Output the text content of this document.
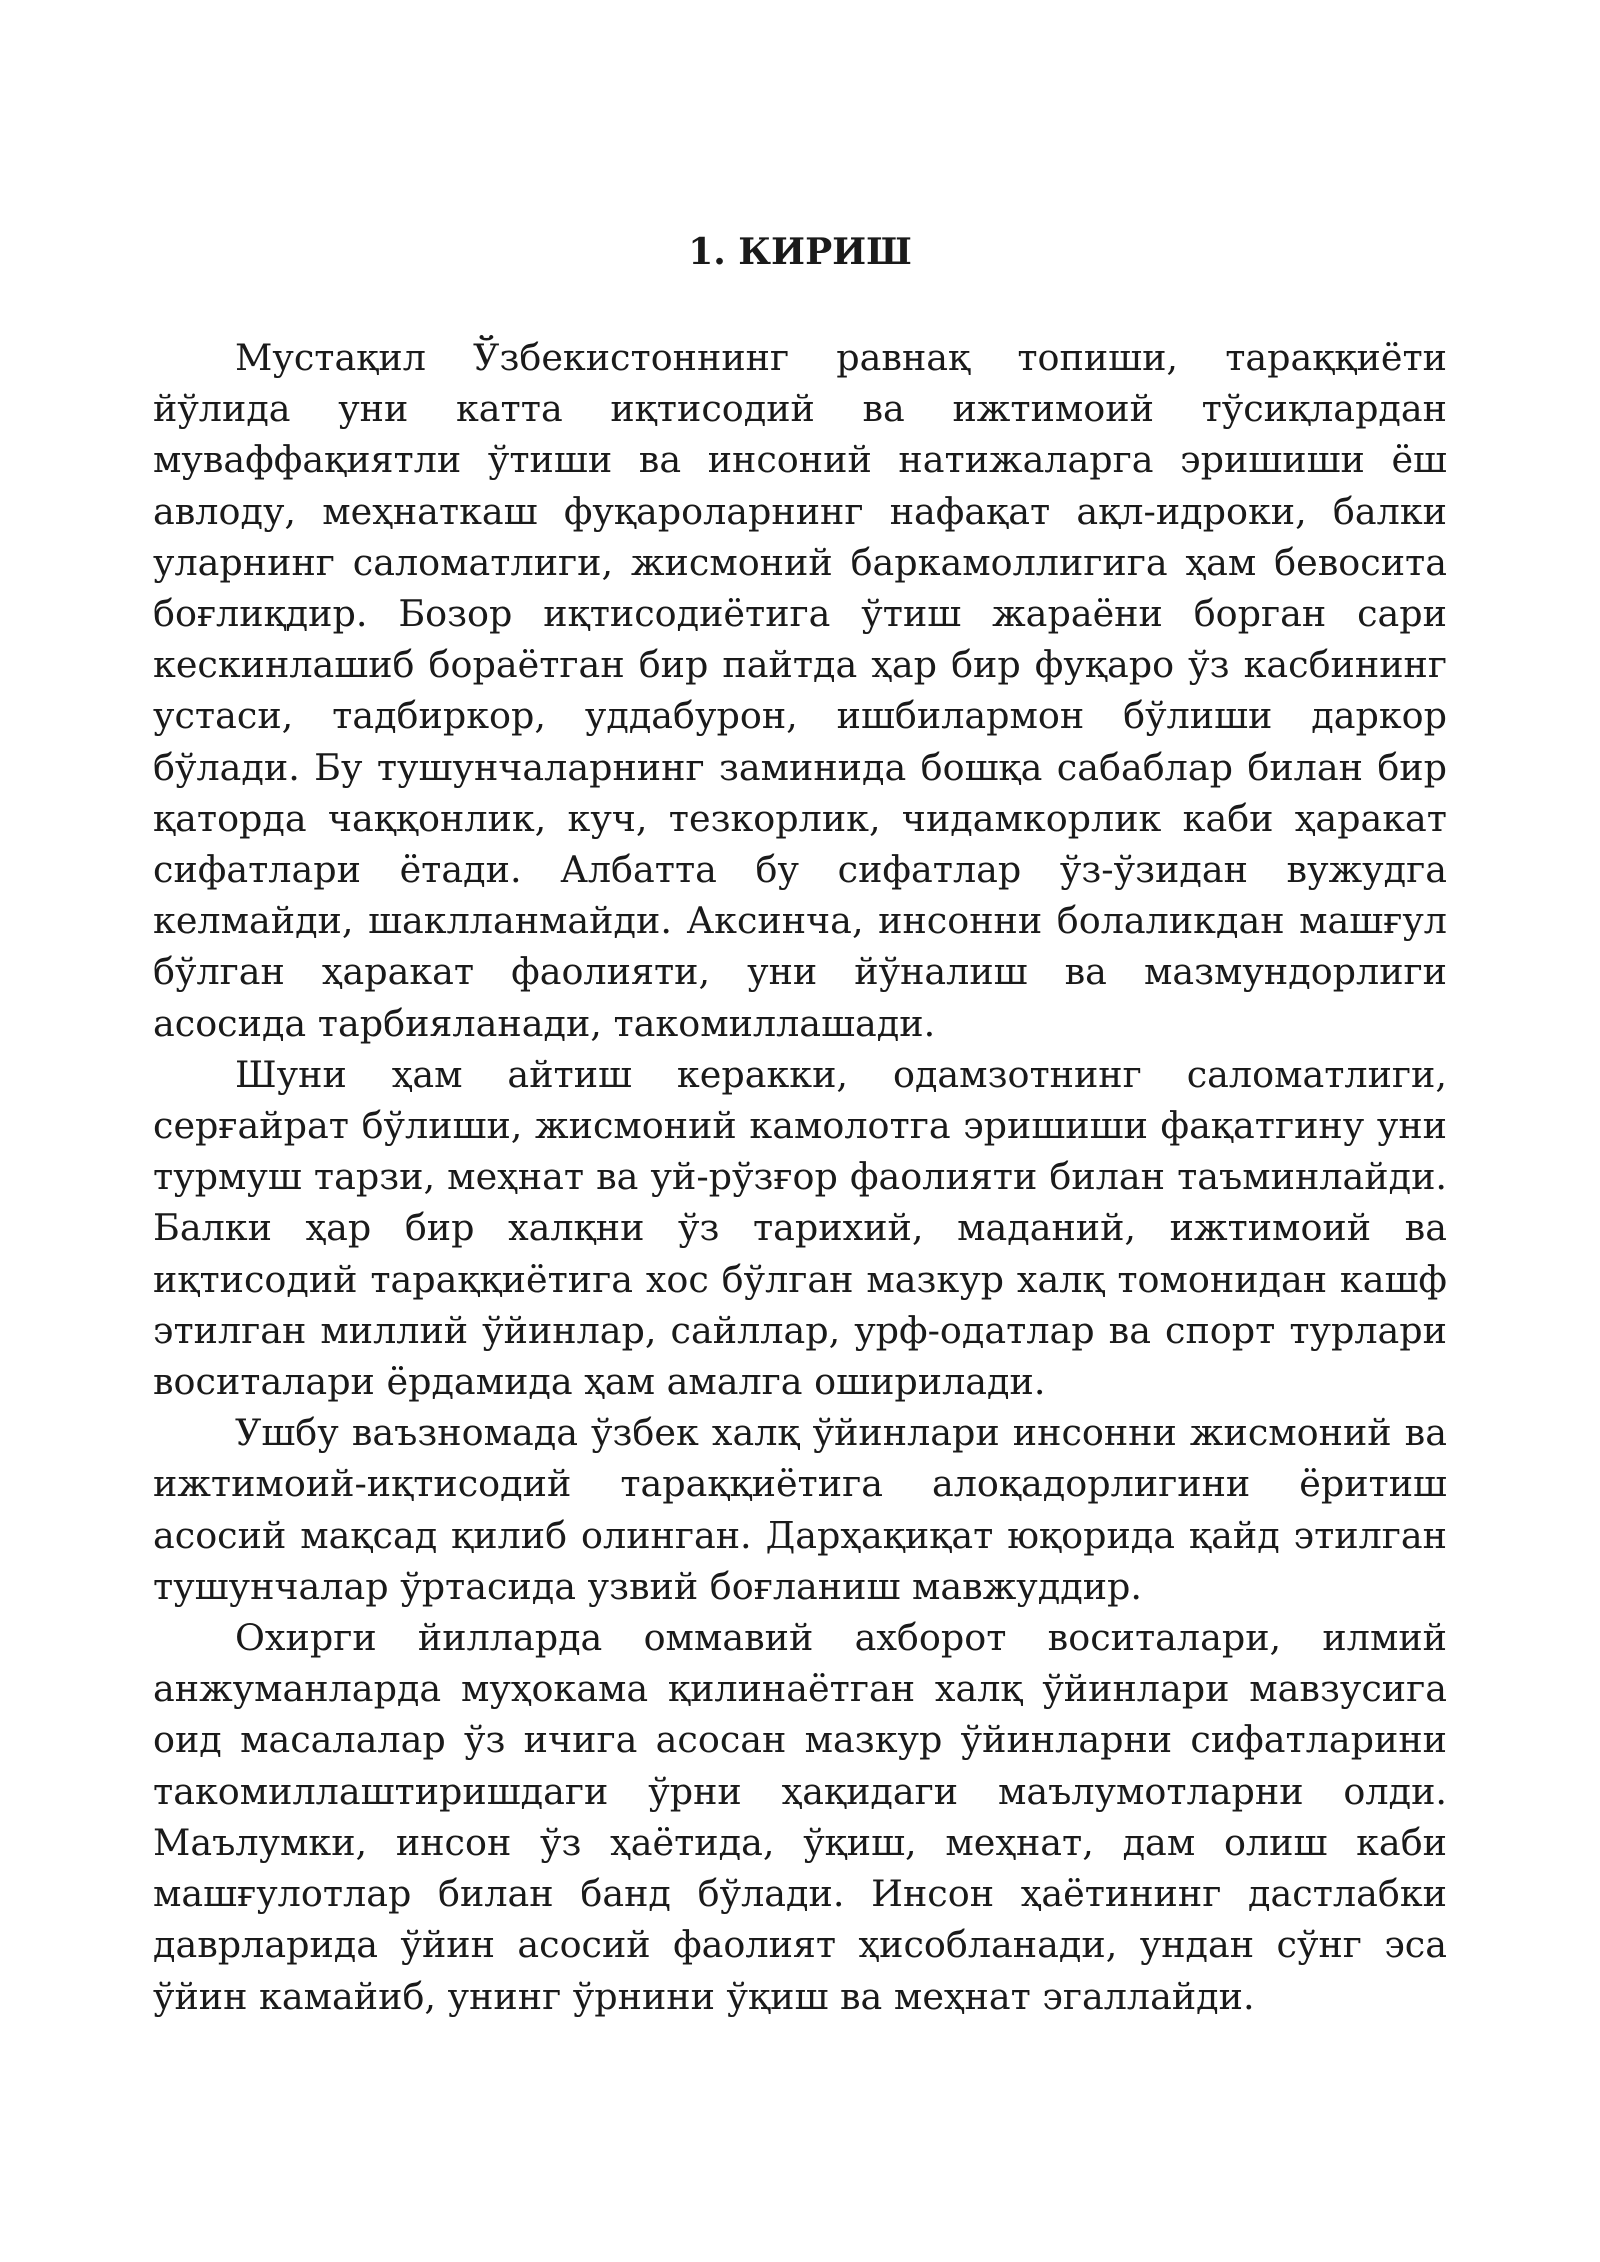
1. КИРИШ

Мустақил Ўзбекистоннинг равнақ топиши, тараққиёти йўлида уни катта иқтисодий ва ижтимоий тўсиқлардан муваффақиятли ўтиши ва инсоний натижаларга эришиши ёш авлоду, меҳнаткаш фуқароларнинг нафақат ақл-идроки, балки уларнинг саломатлиги, жисмоний баркамоллигига ҳам бевосита боғлиқдир. Бозор иқтисодиётига ўтиш жараёни борган сари кескинлашиб бораётган бир пайтда ҳар бир фуқаро ўз касбининг устаси, тадбиркор, уддабурон, ишбилармон бўлиши даркор бўлади. Бу тушунчаларнинг заминида бошқа сабаблар билан бир қаторда чаққонлик, куч, тезкорлик, чидамкорлик каби ҳаракат сифатлари ётади. Албатта бу сифатлар ўз-ўзидан вужудга келмайди, шаклланмайди. Аксинча, инсонни болаликдан машғул бўлган ҳаракат фаолияти, уни йўналиш ва мазмундорлиги асосида тарбияланади, такомиллашади.

Шуни ҳам айтиш керакки, одамзотнинг саломатлиги, серғайрат бўлиши, жисмоний камолотга эришиши фақатгину уни турмуш тарзи, меҳнат ва уй-рўзғор фаолияти билан таъминлайди. Балки ҳар бир халқни ўз тарихий, маданий, ижтимоий ва иқтисодий тараққиётига хос бўлган мазкур халқ томонидан кашф этилган миллий ўйинлар, сайллар, урф-одатлар ва спорт турлари воситалари ёрдамида ҳам амалга оширилади.

Ушбу ваъзномада ўзбек халқ ўйинлари инсонни жисмоний ва ижтимоий-иқтисодий тараққиётига алоқадорлигини ёритиш асосий мақсад қилиб олинган. Дарҳақиқат юқорида қайд этилган тушунчалар ўртасида узвий боғланиш мавжуддир.

Охирги йилларда оммавий ахборот воситалари, илмий анжуманларда муҳокама қилинаётган халқ ўйинлари мавзусига оид масалалар ўз ичига асосан мазкур ўйинларни сифатларини такомиллаштиришдаги ўрни ҳақидаги маълумотларни олди. Маълумки, инсон ўз ҳаётида, ўқиш, меҳнат, дам олиш каби машғулотлар билан банд бўлади. Инсон ҳаётининг дастлабки даврларида ўйин асосий фаолият ҳисобланади, ундан сўнг эса ўйин камайиб, унинг ўрнини ўқиш ва меҳнат эгаллайди.
